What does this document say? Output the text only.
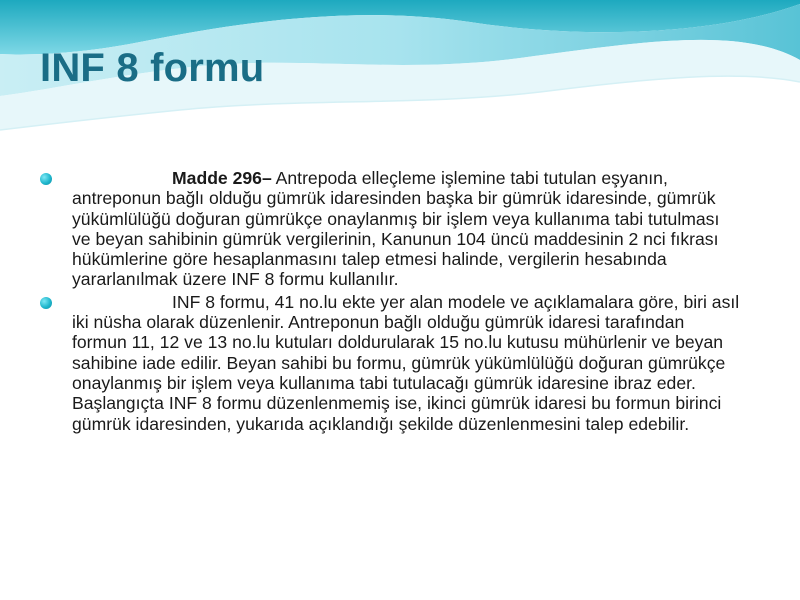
INF 8 formu
Madde 296– Antrepoda elleçleme işlemine tabi tutulan eşyanın, antreponun bağlı olduğu gümrük idaresinden başka bir gümrük idaresinde, gümrük yükümlülüğü doğuran gümrükçe onaylanmış bir işlem veya kullanıma tabi tutulması ve beyan sahibinin gümrük vergilerinin, Kanunun 104 üncü maddesinin 2 nci fıkrası hükümlerine göre hesaplanmasını talep etmesi halinde, vergilerin hesabında yararlanılmak üzere INF 8 formu kullanılır.
INF 8 formu, 41 no.lu ekte yer alan modele ve açıklamalara göre, biri asıl iki nüsha olarak düzenlenir. Antreponun bağlı olduğu gümrük idaresi tarafından formun 11, 12 ve 13 no.lu kutuları doldurularak 15 no.lu kutusu mühürlenir ve beyan sahibine iade edilir. Beyan sahibi bu formu, gümrük yükümlülüğü doğuran gümrükçe onaylanmış bir işlem veya kullanıma tabi tutulacağı gümrük idaresine ibraz eder. Başlangıçta INF 8 formu düzenlenmemiş ise, ikinci gümrük idaresi bu formun birinci gümrük idaresinden, yukarıda açıklandığı şekilde düzenlenmesini talep edebilir.
